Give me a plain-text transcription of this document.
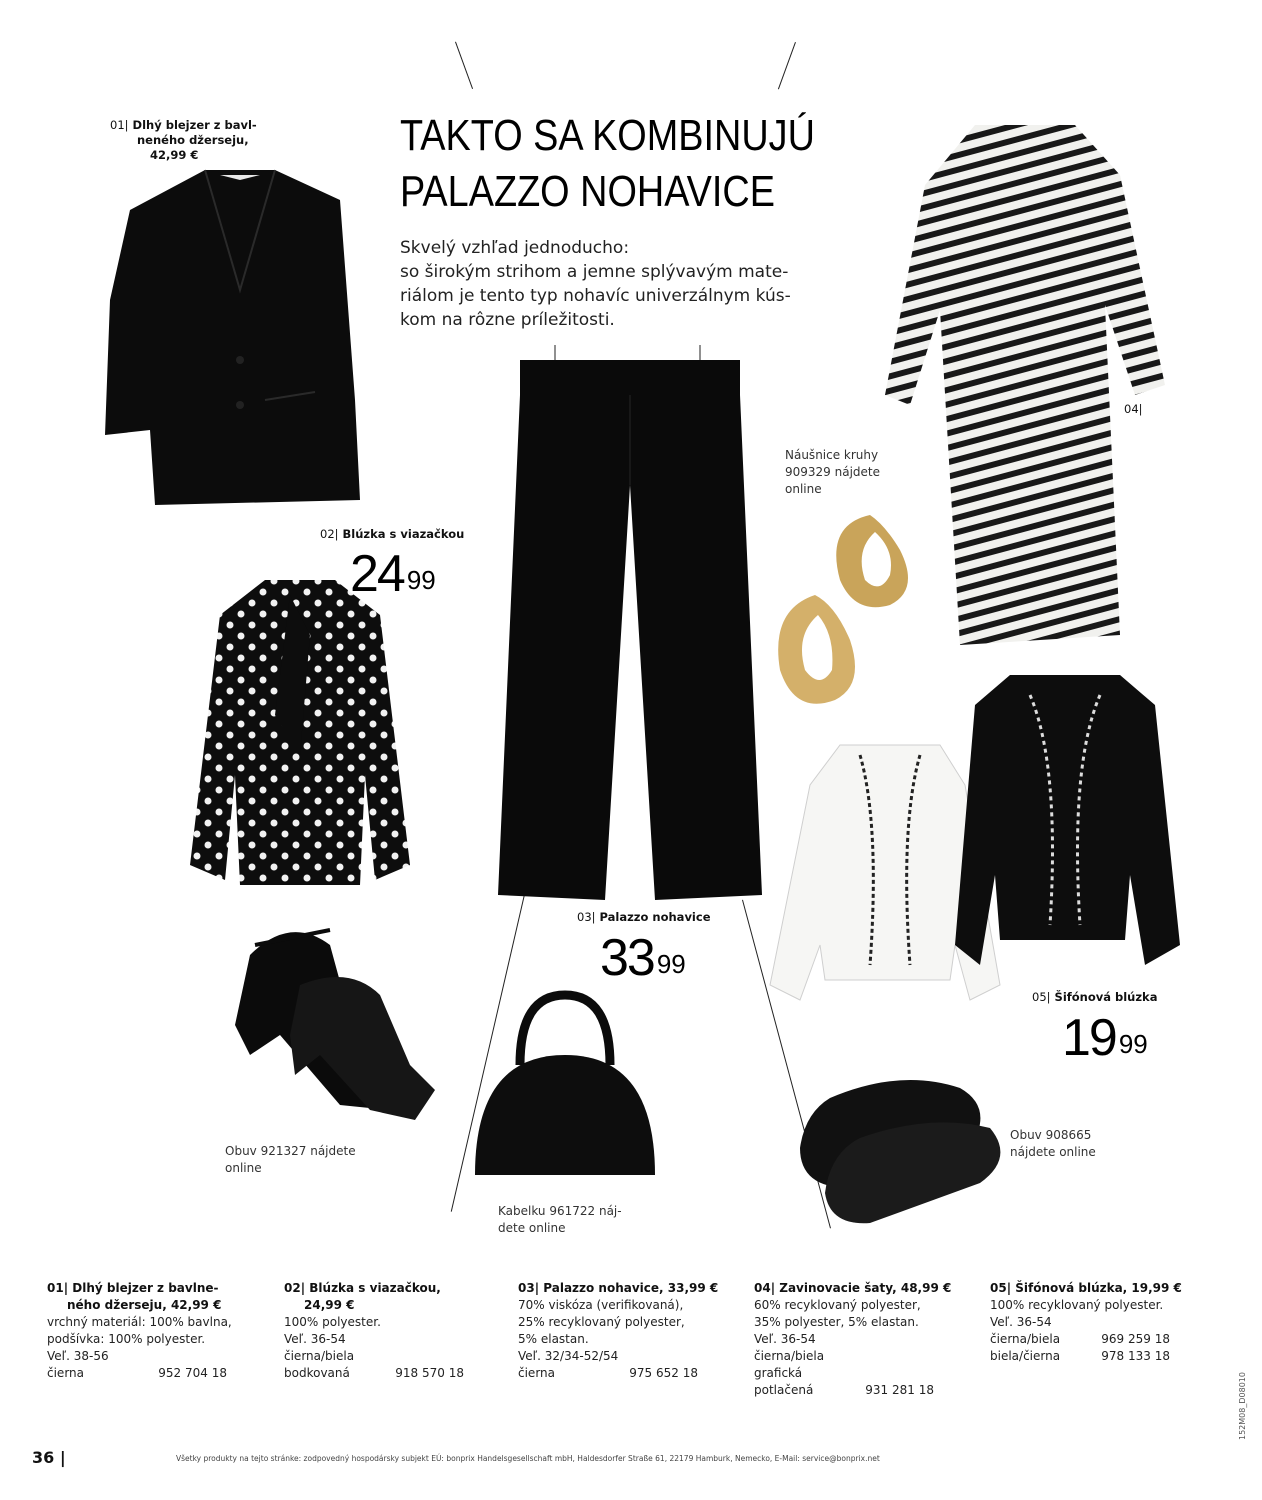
TAKTO SA KOMBINUJÚ
PALAZZO NOHAVICE
Skvelý vzhľad jednoducho:
so širokým strihom a jemne splývavým mate-
riálom je tento typ nohavíc univerzálnym kús-
kom na rôzne príležitosti.
01| Dlhý blejzer z bavl-
neného džerseju,
42,99 €
02| Blúzka s viazačkou
24 $^{99}$
Obuv 921327 nájdete
online
03| Palazzo nohavice
33 $^{99}$
Kabelku 961722 náj-
dete online
Náušnice kruhy
909329 nájdete
online
04|
05| Šifónová blúzka
19 $^{99}$
Obuv 908665
nájdete online
01| Dlhý blejzer z bavlne-
ného džerseju, 42,99 €
vrchný materiál: 100% bavlna,
podšívka: 100% polyester.
Veľ. 38-56
čierna	952 704 18
02| Blúzka s viazačkou,
24,99 €
100% polyester.
Veľ. 36-54
čierna/biela
bodkovaná	918 570 18
03| Palazzo nohavice, 33,99 €
70% viskóza (verifikovaná),
25% recyklovaný polyester,
5% elastan.
Veľ. 32/34-52/54
čierna	975 652 18
04| Zavinovacie šaty, 48,99 €
60% recyklovaný polyester,
35% polyester, 5% elastan.
Veľ. 36-54
čierna/biela
grafická
potlačená	931 281 18
05| Šifónová blúzka, 19,99 €
100% recyklovaný polyester.
Veľ. 36-54
čierna/biela	969 259 18
biela/čierna	978 133 18
36 |	Všetky produkty na tejto stránke: zodpovedný hospodársky subjekt EÚ: bonprix Handelsgesellschaft mbH, Haldesdorfer Straße 61, 22179 Hamburk, Nemecko, E-Mail: service@bonprix.net
152M08_D08010
